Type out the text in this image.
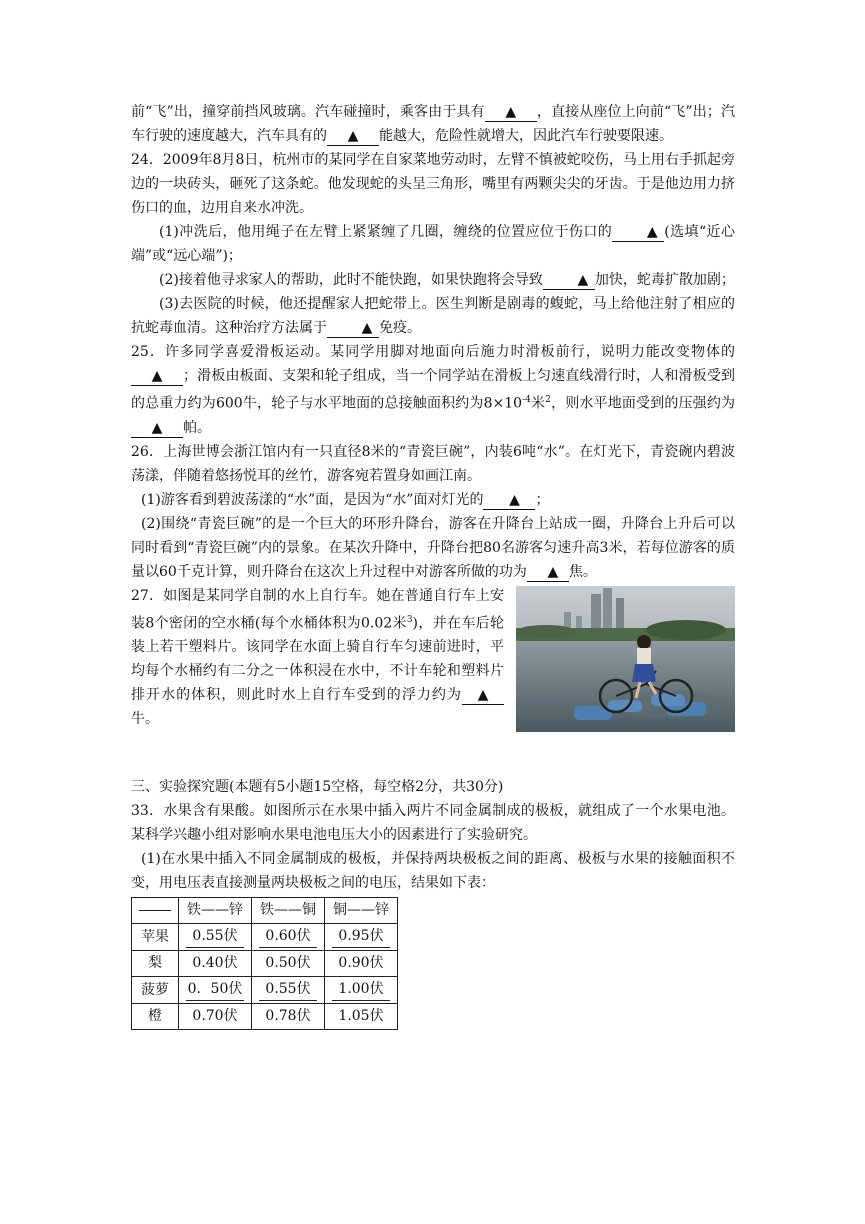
前“飞”出，撞穿前挡风玻璃。汽车碰撞时，乘客由于具有 ▲ ，直接从座位上向前“飞”出；汽车行驶的速度越大，汽车具有的 ▲ 能越大，危险性就增大，因此汽车行驶要限速。

24．2009年8月8日，杭州市的某同学在自家菜地劳动时，左臂不慎被蛇咬伤，马上用右手抓起旁边的一块砖头，砸死了这条蛇。他发现蛇的头呈三角形，嘴里有两颗尖尖的牙齿。于是他边用力挤伤口的血，边用自来水冲洗。

(1)冲洗后，他用绳子在左臂上紧紧缠了几圈，缠绕的位置应位于伤口的 ▲ (选填“近心端”或“远心端”)；

(2)接着他寻求家人的帮助，此时不能快跑，如果快跑将会导致 ▲ 加快，蛇毒扩散加剧；

(3)去医院的时候，他还提醒家人把蛇带上。医生判断是剧毒的蝮蛇，马上给他注射了相应的抗蛇毒血清。这种治疗方法属于 ▲ 免疫。

25．许多同学喜爱滑板运动。某同学用脚对地面向后施力时滑板前行，说明力能改变物体的▲ ；滑板由板面、支架和轮子组成，当一个同学站在滑板上匀速直线滑行时，人和滑板受到的总重力约为600牛，轮子与水平地面的总接触面积约为$8\times 10^{-4}$米$^2$，则水平地面受到的压强约为▲ 帕。

26．上海世博会浙江馆内有一只直径8米的“青瓷巨碗”，内装6吨“水”。在灯光下，青瓷碗内碧波荡漾，伴随着悠扬悦耳的丝竹，游客宛若置身如画江南。

(1)游客看到碧波荡漾的“水”面，是因为“水”面对灯光的 ▲ ；

(2)围绕“青瓷巨碗”的是一个巨大的环形升降台，游客在升降台上站成一圈，升降台上升后可以同时看到“青瓷巨碗”内的景象。在某次升降中，升降台把80名游客匀速升高3米，若每位游客的质量以60千克计算，则升降台在这次上升过程中对游客所做的功为 ▲ 焦。

27．如图是某同学自制的水上自行车。她在普通自行车上安装8个密闭的空水桶(每个水桶体积为0.02米$^3$)，并在车后轮装上若干塑料片。该同学在水面上骑自行车匀速前进时，平均每个水桶约有二分之一体积浸在水中，不计车轮和塑料片排开水的体积，则此时水上自行车受到的浮力约为 ▲ 牛。

三、实验探究题(本题有5小题15空格，每空格2分，共30分)

33．水果含有果酸。如图所示在水果中插入两片不同金属制成的极板，就组成了一个水果电池。某科学兴趣小组对影响水果电池电压大小的因素进行了实验研究。

(1)在水果中插入不同金属制成的极板，并保持两块极板之间的距离、极板与水果的接触面积不变，用电压表直接测量两块极板之间的电压，结果如下表：

	铁——锌	铁——铜	铜——锌
苹果	0.55伏	0.60伏	0.95伏
梨	0.40伏	0.50伏	0.90伏
菠萝	0．50伏	0.55伏	1.00伏
橙	0.70伏	0.78伏	1.05伏
